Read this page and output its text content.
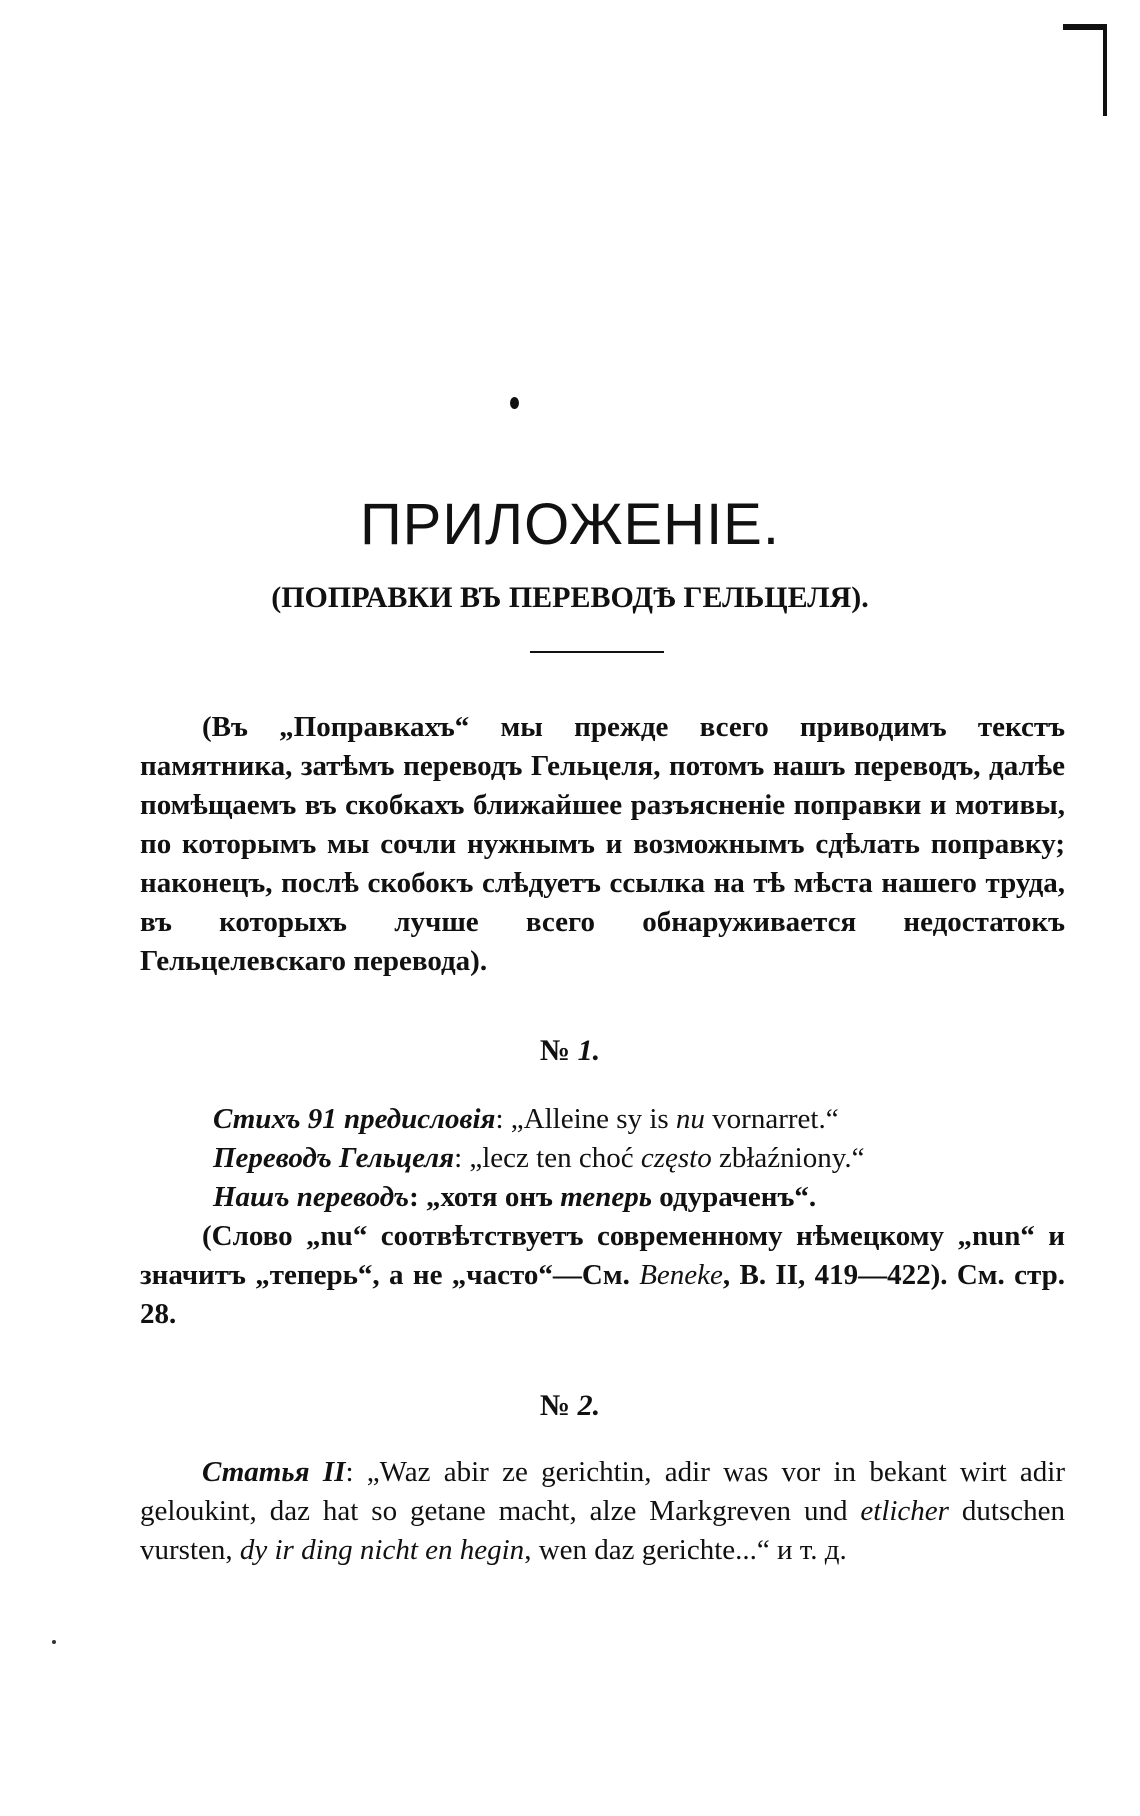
ПРИЛОЖЕНІЕ.
(ПОПРАВКИ ВЪ ПЕРЕВОДѢ ГЕЛЬЦЕЛЯ).

(Въ „Поправкахъ“ мы прежде всего приводимъ текстъ памятника, затѣмъ переводъ Гельцеля, потомъ нашъ переводъ, далѣе помѣщаемъ въ скобкахъ ближайшее разъясненіе поправки и мотивы, по которымъ мы сочли нужнымъ и возможнымъ сдѣлать поправку; наконецъ, послѣ скобокъ слѣдуетъ ссылка на тѣ мѣста нашего труда, въ которыхъ лучше всего обнаруживается недостатокъ Гельцелевскаго перевода).

№ 1.

Стихъ 91 предисловія: „Alleine sy is nu vornarret.“

Переводъ Гельцеля: „lecz ten choć często zbłaźniony.“

Нашъ переводъ: „хотя онъ теперь одураченъ“.

(Слово „nu“ соотвѣтствуетъ современному нѣмецкому „nun“ и значитъ „теперь“, а не „часто“—См. Beneke, B. II, 419—422). См. стр. 28.

№ 2.

Статья II: „Waz abir ze gerichtin, adir was vor in bekant wirt adir geloukint, daz hat so getane macht, alze Markgreven und etlicher dutschen vursten, dy ir ding nicht en hegin, wen daz gerichte...“ и т. д.
